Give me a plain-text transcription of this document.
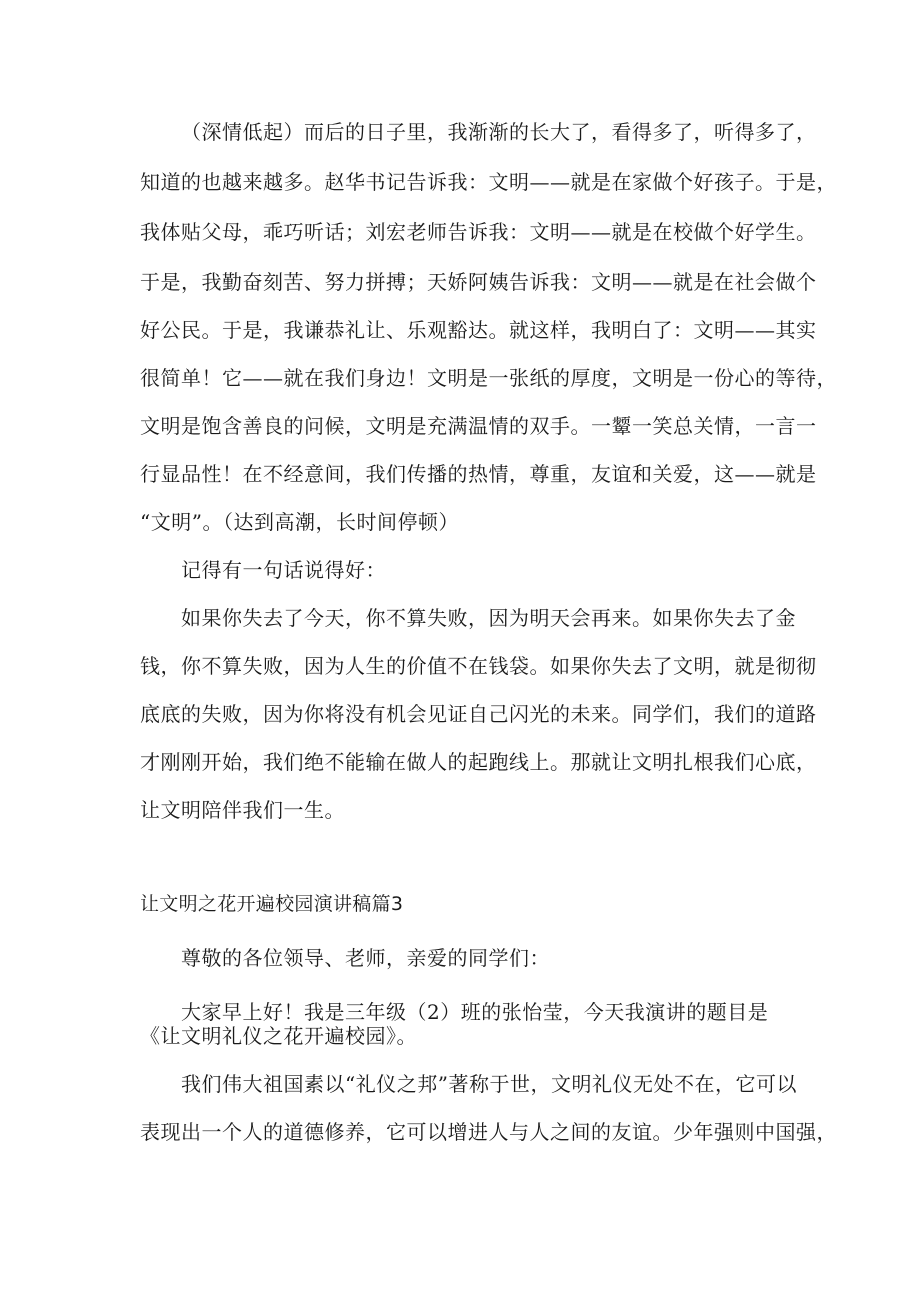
（深情低起）而后的日子里，我渐渐的长大了，看得多了，听得多了，
知道的也越来越多。赵华书记告诉我：文明——就是在家做个好孩子。于是，
我体贴父母，乖巧听话；刘宏老师告诉我：文明——就是在校做个好学生。
于是，我勤奋刻苦、努力拼搏；天娇阿姨告诉我：文明——就是在社会做个
好公民。于是，我谦恭礼让、乐观豁达。就这样，我明白了：文明——其实
很简单！它——就在我们身边！文明是一张纸的厚度，文明是一份心的等待，
文明是饱含善良的问候，文明是充满温情的双手。一颦一笑总关情，一言一
行显品性！在不经意间，我们传播的热情，尊重，友谊和关爱，这——就是
“文明”。（达到高潮，长时间停顿）
记得有一句话说得好：
如果你失去了今天，你不算失败，因为明天会再来。如果你失去了金
钱，你不算失败，因为人生的价值不在钱袋。如果你失去了文明，就是彻彻
底底的失败，因为你将没有机会见证自己闪光的未来。同学们，我们的道路
才刚刚开始，我们绝不能输在做人的起跑线上。那就让文明扎根我们心底，
让文明陪伴我们一生。
让文明之花开遍校园演讲稿篇3
尊敬的各位领导、老师，亲爱的同学们：
大家早上好！我是三年级（2）班的张怡莹，今天我演讲的题目是
《让文明礼仪之花开遍校园》。
我们伟大祖国素以“礼仪之邦”著称于世，文明礼仪无处不在，它可以
表现出一个人的道德修养，它可以增进人与人之间的友谊。少年强则中国强，
